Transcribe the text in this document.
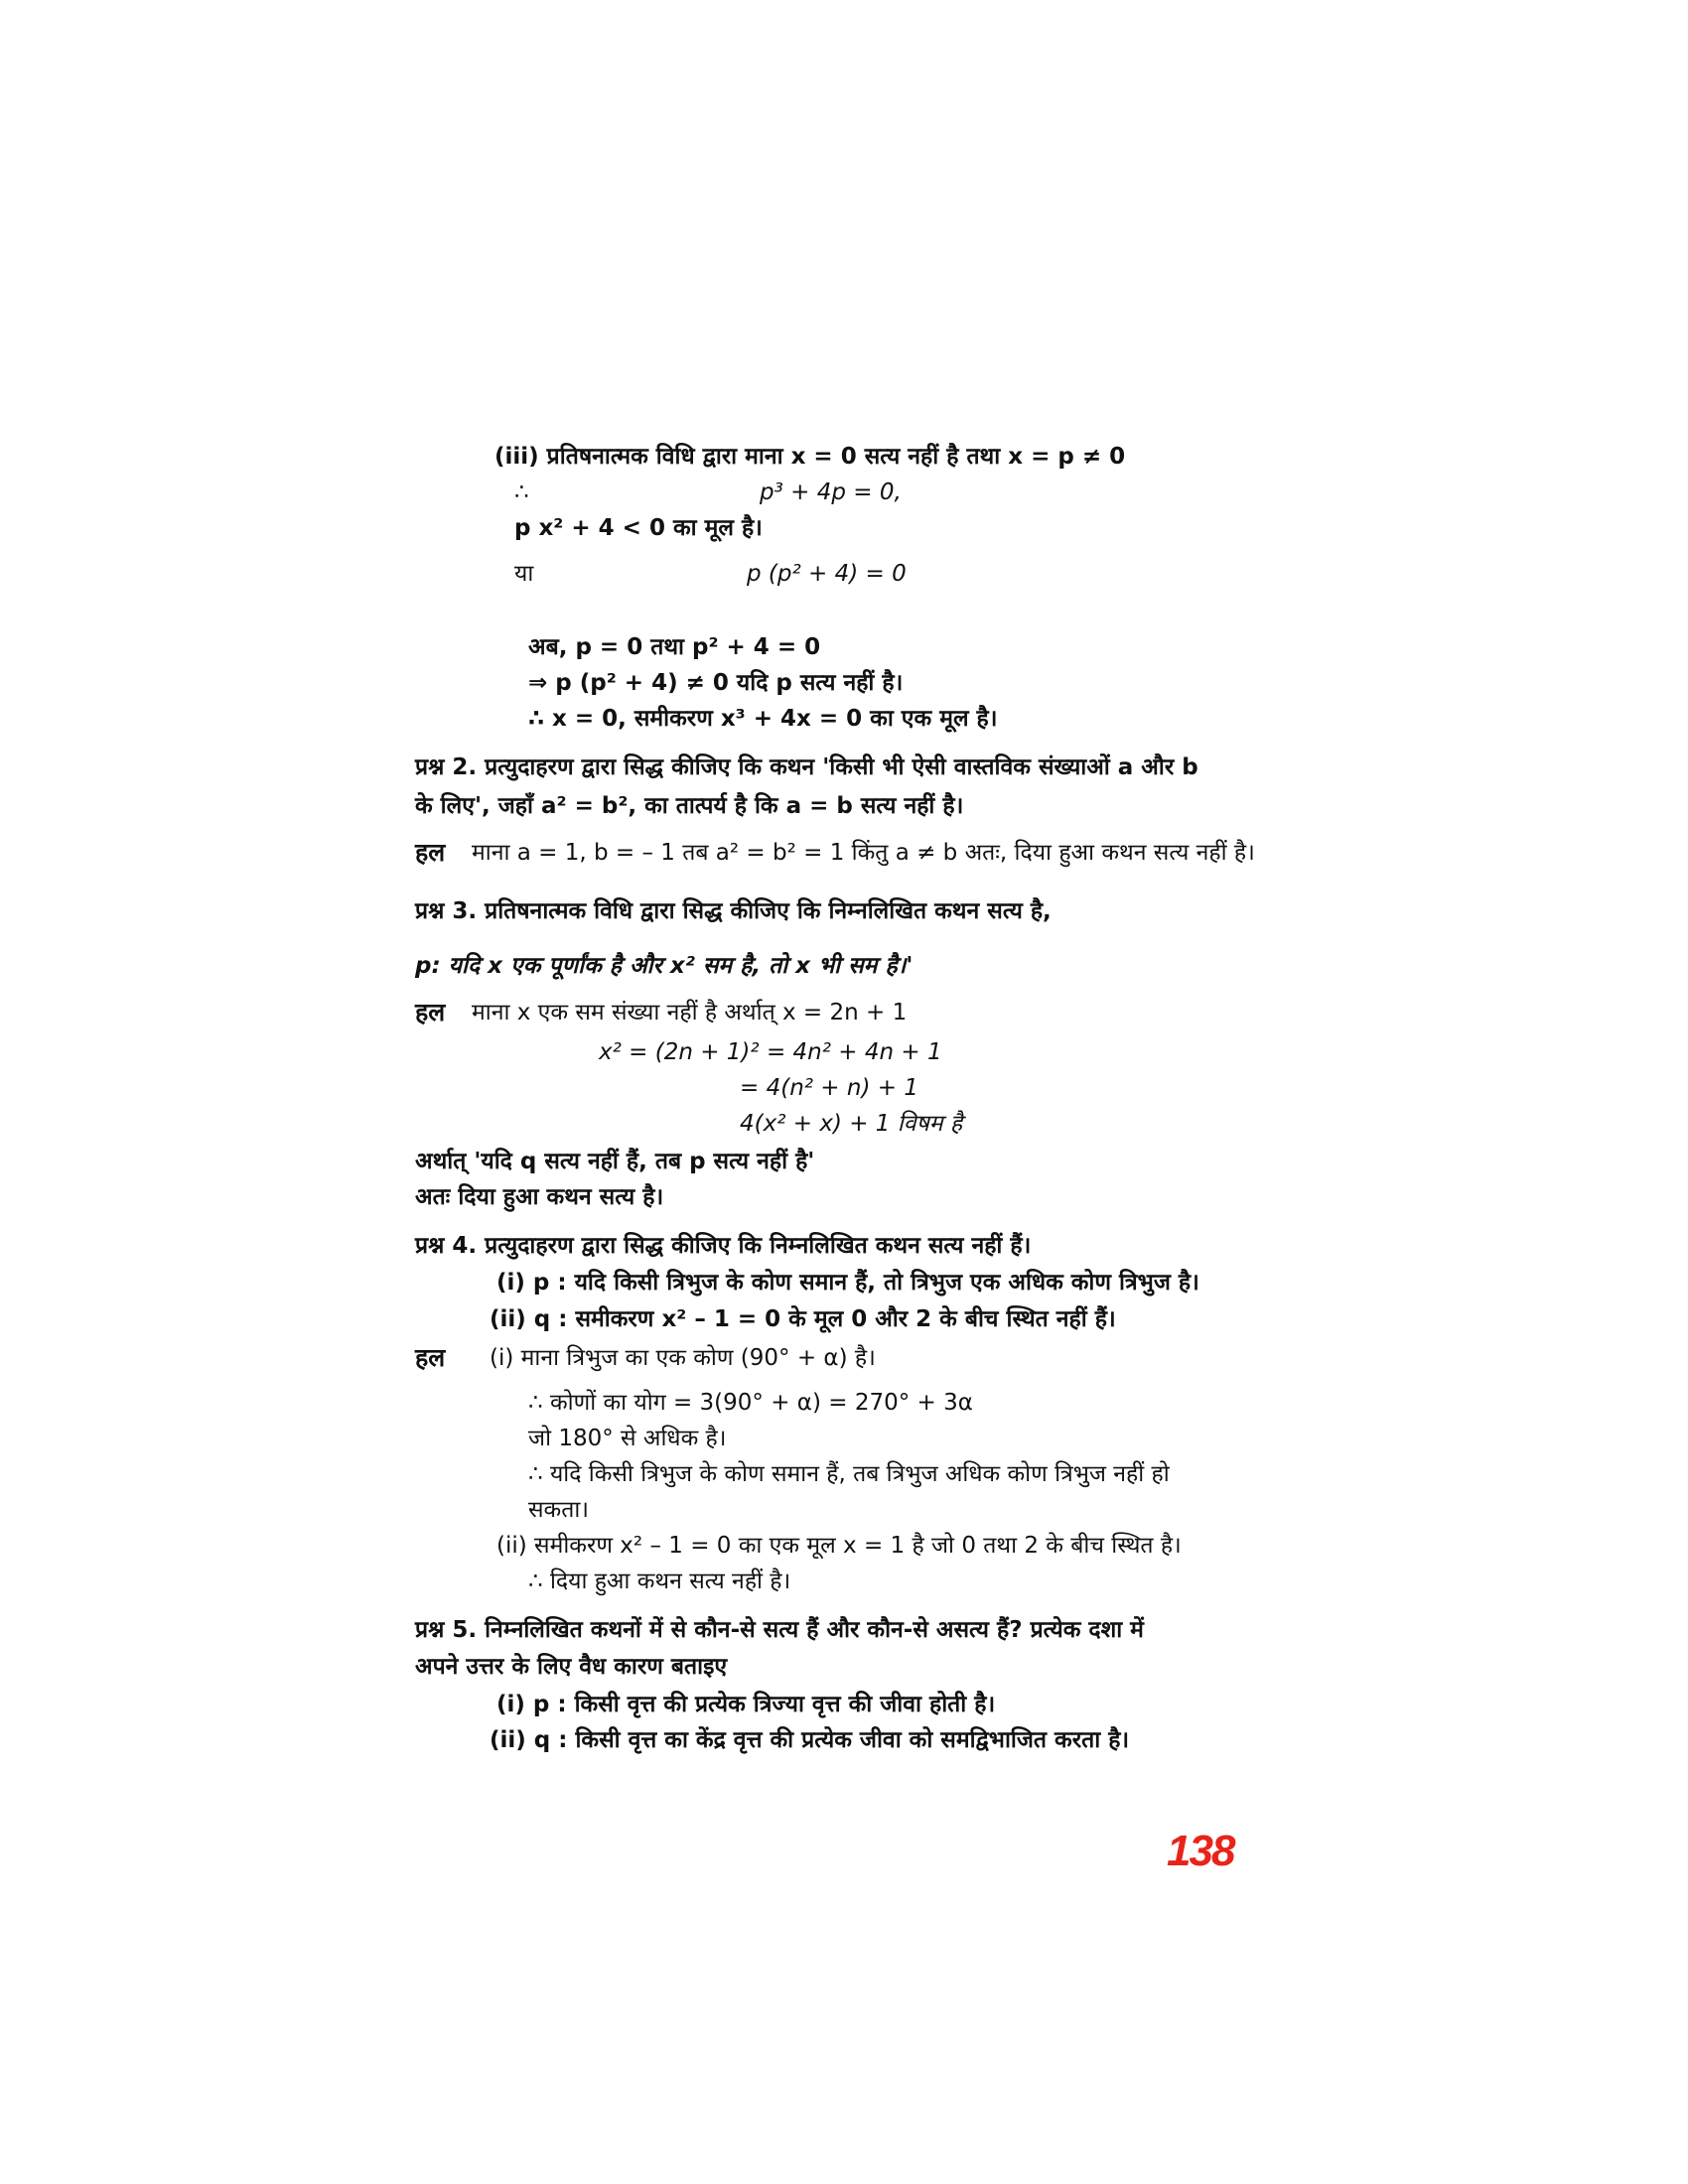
(iii) प्रतिषनात्मक विधि द्वारा माना x = 0 सत्य नहीं है तथा x = p ≠ 0
∴	p³ + 4p = 0,
p x² + 4 < 0 का मूल है।
या	p (p² + 4) = 0
अब, p = 0 तथा p² + 4 = 0
⇒ p (p² + 4) ≠ 0 यदि p सत्य नहीं है।
∴ x = 0, समीकरण x³ + 4x = 0 का एक मूल है।
प्रश्न 2. प्रत्युदाहरण द्वारा सिद्ध कीजिए कि कथन 'किसी भी ऐसी वास्तविक संख्याओं a और b
के लिए', जहाँ a² = b², का तात्पर्य है कि a = b सत्य नहीं है।
हल माना a = 1, b = – 1 तब a² = b² = 1 किंतु a ≠ b अतः, दिया हुआ कथन सत्य नहीं है।
प्रश्न 3. प्रतिषनात्मक विधि द्वारा सिद्ध कीजिए कि निम्नलिखित कथन सत्य है,
p: यदि x एक पूर्णांक है और x² सम है, तो x भी सम है।'
हल माना x एक सम संख्या नहीं है अर्थात् x = 2n + 1
x² = (2n + 1)² = 4n² + 4n + 1
= 4(n² + n) + 1
4(x² + x) + 1 विषम है
अर्थात् 'यदि q सत्य नहीं हैं, तब p सत्य नहीं है'
अतः दिया हुआ कथन सत्य है।
प्रश्न 4. प्रत्युदाहरण द्वारा सिद्ध कीजिए कि निम्नलिखित कथन सत्य नहीं हैं।
(i) p : यदि किसी त्रिभुज के कोण समान हैं, तो त्रिभुज एक अधिक कोण त्रिभुज है।
(ii) q : समीकरण x² – 1 = 0 के मूल 0 और 2 के बीच स्थित नहीं हैं।
हल (i) माना त्रिभुज का एक कोण (90° + α) है।
∴ कोणों का योग = 3(90° + α) = 270° + 3α
जो 180° से अधिक है।
∴ यदि किसी त्रिभुज के कोण समान हैं, तब त्रिभुज अधिक कोण त्रिभुज नहीं हो
सकता।
(ii) समीकरण x² – 1 = 0 का एक मूल x = 1 है जो 0 तथा 2 के बीच स्थित है।
∴ दिया हुआ कथन सत्य नहीं है।
प्रश्न 5. निम्नलिखित कथनों में से कौन-से सत्य हैं और कौन-से असत्य हैं? प्रत्येक दशा में
अपने उत्तर के लिए वैध कारण बताइए
(i) p : किसी वृत्त की प्रत्येक त्रिज्या वृत्त की जीवा होती है।
(ii) q : किसी वृत्त का केंद्र वृत्त की प्रत्येक जीवा को समद्विभाजित करता है।
138
